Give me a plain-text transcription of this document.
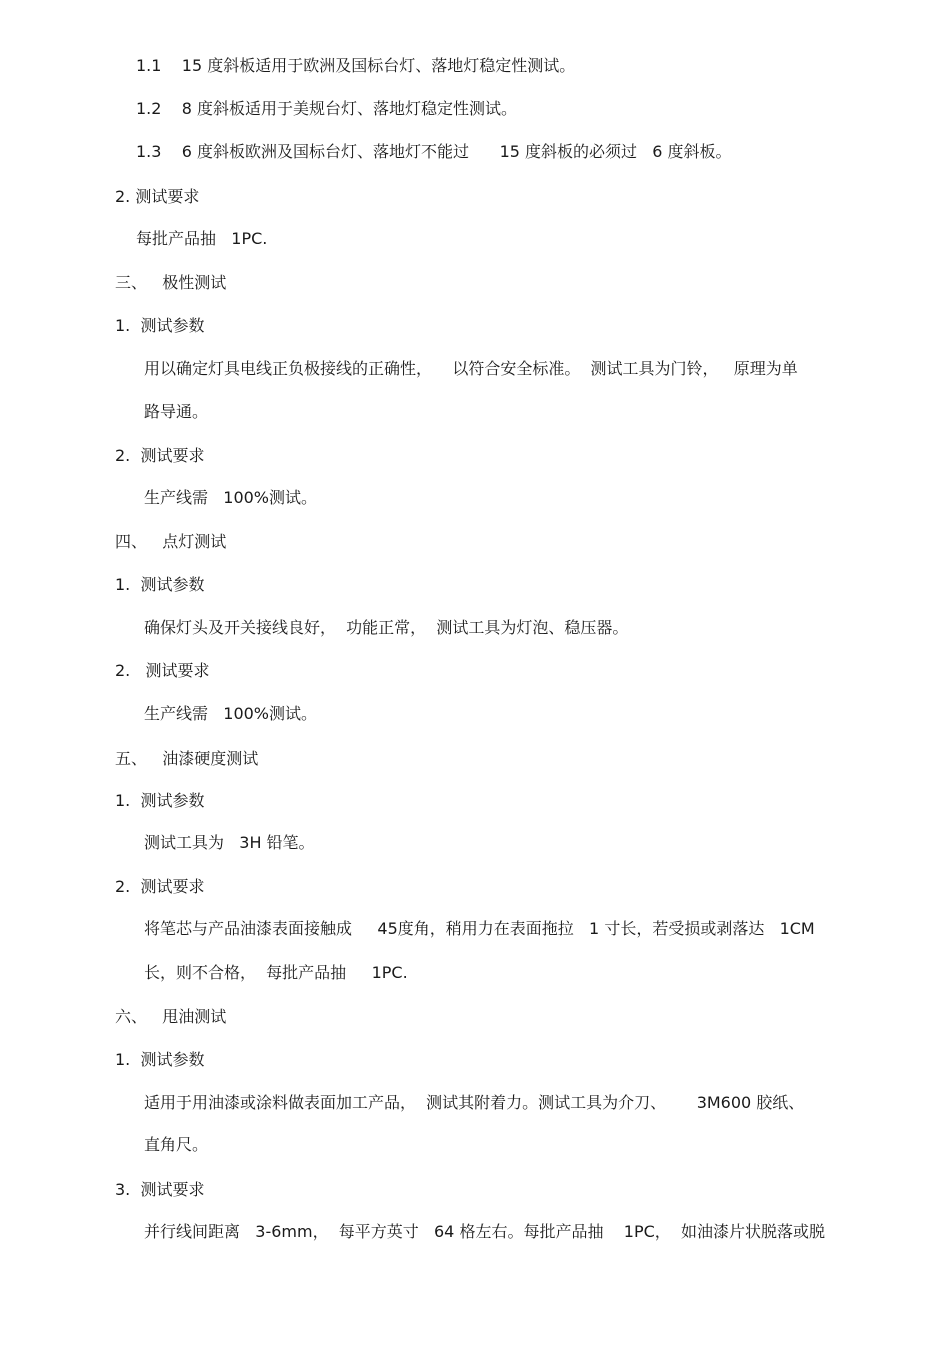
1.1    15 度斜板适用于欧洲及国标台灯、落地灯稳定性测试。
1.2    8 度斜板适用于美规台灯、落地灯稳定性测试。
1.3    6 度斜板欧洲及国标台灯、落地灯不能过      15 度斜板的必须过   6 度斜板。
2. 测试要求
每批产品抽   1PC.
三、   极性测试
1.  测试参数
用以确定灯具电线正负极接线的正确性，    以符合安全标准。  测试工具为门铃，   原理为单
路导通。
2.  测试要求
生产线需   100%测试。
四、   点灯测试
1.  测试参数
确保灯头及开关接线良好，  功能正常，  测试工具为灯泡、稳压器。
2.   测试要求
生产线需   100%测试。
五、   油漆硬度测试
1.  测试参数
测试工具为   3H 铅笔。
2.  测试要求
将笔芯与产品油漆表面接触成     45度角，稍用力在表面拖拉   1 寸长，若受损或剥落达   1CM
长，则不合格，  每批产品抽     1PC.
六、   甩油测试
1.  测试参数
适用于用油漆或涂料做表面加工产品，  测试其附着力。测试工具为介刀、      3M600 胶纸、
直角尺。
3.  测试要求
并行线间距离   3-6mm，  每平方英寸   64 格左右。每批产品抽    1PC，  如油漆片状脱落或脱
